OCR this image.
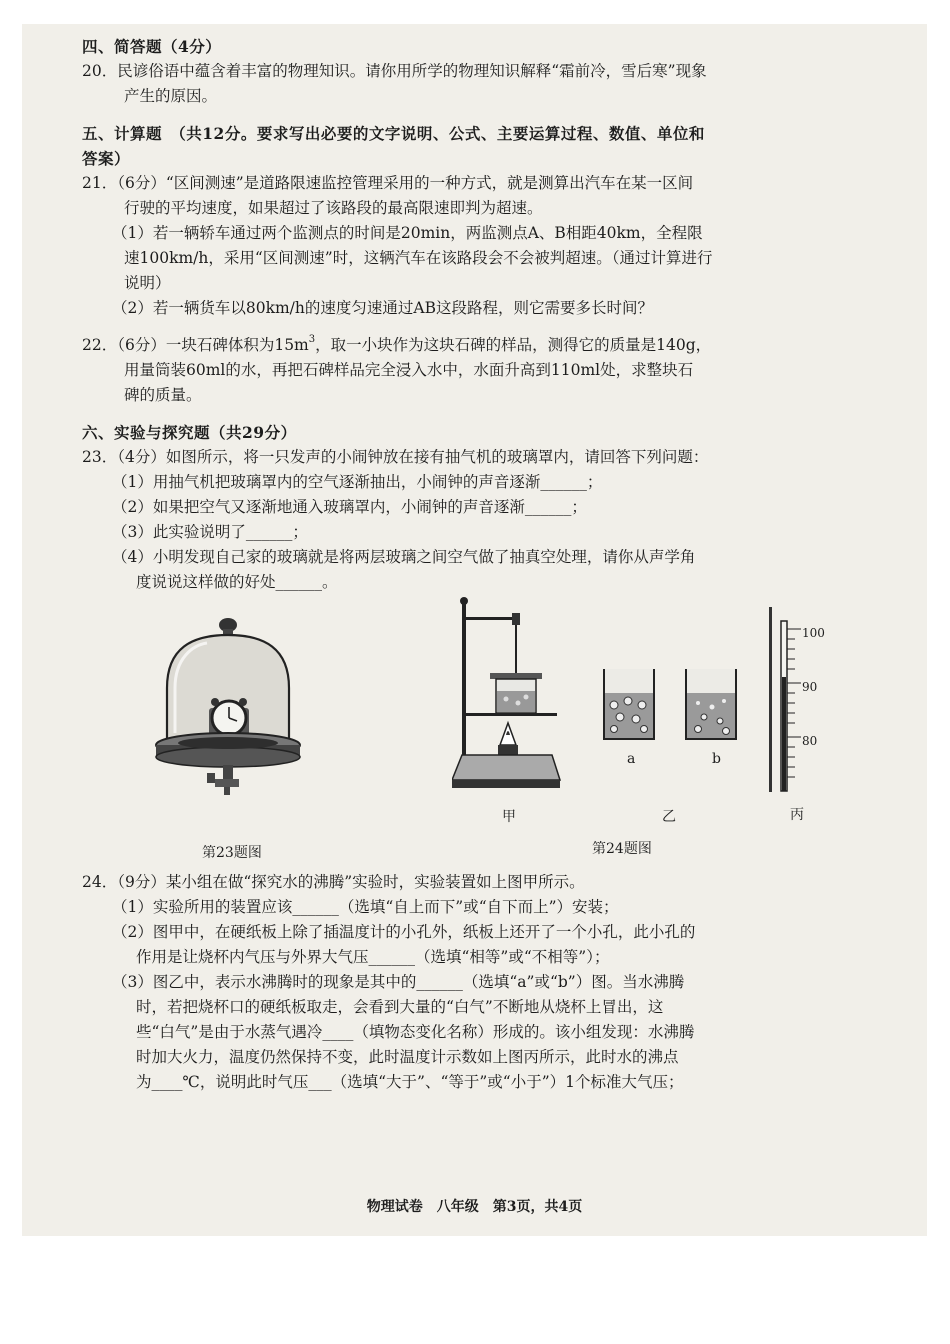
四、简答题（4分）
20．民谚俗语中蕴含着丰富的物理知识。请你用所学的物理知识解释“霜前冷，雪后寒”现象
产生的原因。
五、计算题　（共12分。要求写出必要的文字说明、公式、主要运算过程、数值、单位和
答案）
21．（6分）“区间测速”是道路限速监控管理采用的一种方式，就是测算出汽车在某一区间
行驶的平均速度，如果超过了该路段的最高限速即判为超速。
（1）若一辆轿车通过两个监测点的时间是20min，两监测点A、B相距40km，全程限
速100km/h，采用“区间测速”时，这辆汽车在该路段会不会被判超速。（通过计算进行
说明）
（2）若一辆货车以80km/h的速度匀速通过AB这段路程，则它需要多长时间？
22．（6分）一块石碑体积为$15m^3$，取一小块作为这块石碑的样品，测得它的质量是140g，
用量筒装60ml的水，再把石碑样品完全浸入水中，水面升高到110ml处，求整块石
碑的质量。
六、实验与探究题（共29分）
23．（4分）如图所示，将一只发声的小闹钟放在接有抽气机的玻璃罩内，请回答下列问题：
（1）用抽气机把玻璃罩内的空气逐渐抽出，小闹钟的声音逐渐______；
（2）如果把空气又逐渐地通入玻璃罩内，小闹钟的声音逐渐______；
（3）此实验说明了______；
（4）小明发现自己家的玻璃就是将两层玻璃之间空气做了抽真空处理，请你从声学角
度说说这样做的好处______。
100
90
80
a	b
甲	乙	丙
第23题图	第24题图
24．（9分）某小组在做“探究水的沸腾”实验时，实验装置如上图甲所示。
（1）实验所用的装置应该______（选填“自上而下”或“自下而上”）安装；
（2）图甲中，在硬纸板上除了插温度计的小孔外，纸板上还开了一个小孔，此小孔的
作用是让烧杯内气压与外界大气压______（选填“相等”或“不相等”）；
（3）图乙中，表示水沸腾时的现象是其中的______（选填“a”或“b”）图。当水沸腾
时，若把烧杯口的硬纸板取走，会看到大量的“白气”不断地从烧杯上冒出，这
些“白气”是由于水蒸气遇冷____（填物态变化名称）形成的。该小组发现：水沸腾
时加大火力，温度仍然保持不变，此时温度计示数如上图丙所示，此时水的沸点
为____℃，说明此时气压___（选填“大于”、“等于”或“小于”）1个标准大气压；
物理试卷　八年级　第3页，共4页
